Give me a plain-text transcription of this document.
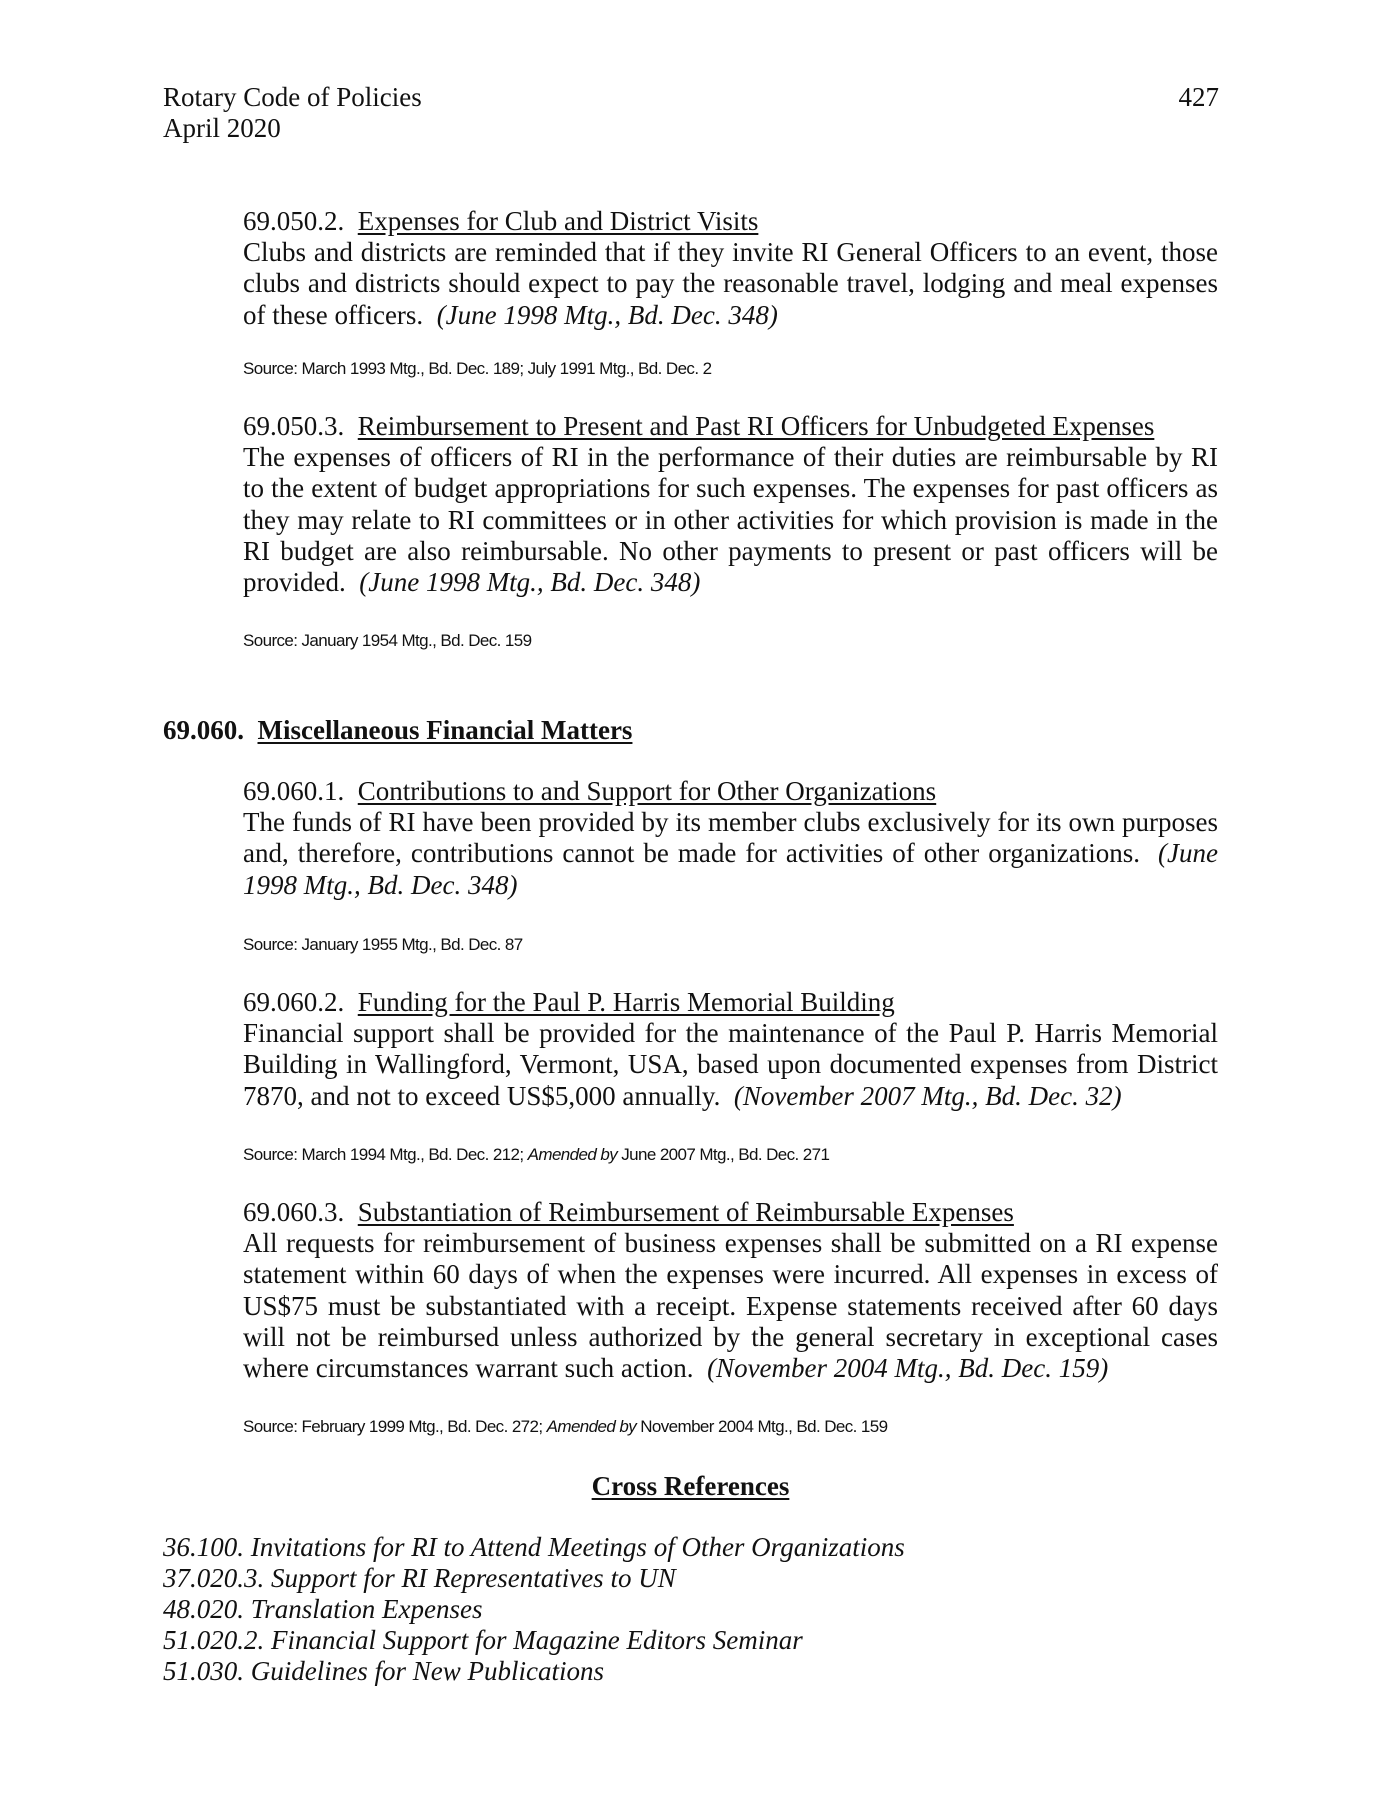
Rotary Code of Policies
April 2020
427

69.050.2. Expenses for Club and District Visits
Clubs and districts are reminded that if they invite RI General Officers to an event, those clubs and districts should expect to pay the reasonable travel, lodging and meal expenses of these officers. (June 1998 Mtg., Bd. Dec. 348)

Source: March 1993 Mtg., Bd. Dec. 189; July 1991 Mtg., Bd. Dec. 2

69.050.3. Reimbursement to Present and Past RI Officers for Unbudgeted Expenses
The expenses of officers of RI in the performance of their duties are reimbursable by RI to the extent of budget appropriations for such expenses. The expenses for past officers as they may relate to RI committees or in other activities for which provision is made in the RI budget are also reimbursable. No other payments to present or past officers will be provided. (June 1998 Mtg., Bd. Dec. 348)

Source: January 1954 Mtg., Bd. Dec. 159
69.060. Miscellaneous Financial Matters

69.060.1. Contributions to and Support for Other Organizations
The funds of RI have been provided by its member clubs exclusively for its own purposes and, therefore, contributions cannot be made for activities of other organizations. (June 1998 Mtg., Bd. Dec. 348)

Source: January 1955 Mtg., Bd. Dec. 87

69.060.2. Funding for the Paul P. Harris Memorial Building
Financial support shall be provided for the maintenance of the Paul P. Harris Memorial Building in Wallingford, Vermont, USA, based upon documented expenses from District 7870, and not to exceed US$5,000 annually. (November 2007 Mtg., Bd. Dec. 32)

Source: March 1994 Mtg., Bd. Dec. 212; Amended by June 2007 Mtg., Bd. Dec. 271

69.060.3. Substantiation of Reimbursement of Reimbursable Expenses
All requests for reimbursement of business expenses shall be submitted on a RI expense statement within 60 days of when the expenses were incurred. All expenses in excess of US$75 must be substantiated with a receipt. Expense statements received after 60 days will not be reimbursed unless authorized by the general secretary in exceptional cases where circumstances warrant such action. (November 2004 Mtg., Bd. Dec. 159)

Source: February 1999 Mtg., Bd. Dec. 272; Amended by November 2004 Mtg., Bd. Dec. 159
Cross References
36.100. Invitations for RI to Attend Meetings of Other Organizations
37.020.3. Support for RI Representatives to UN
48.020. Translation Expenses
51.020.2. Financial Support for Magazine Editors Seminar
51.030. Guidelines for New Publications
